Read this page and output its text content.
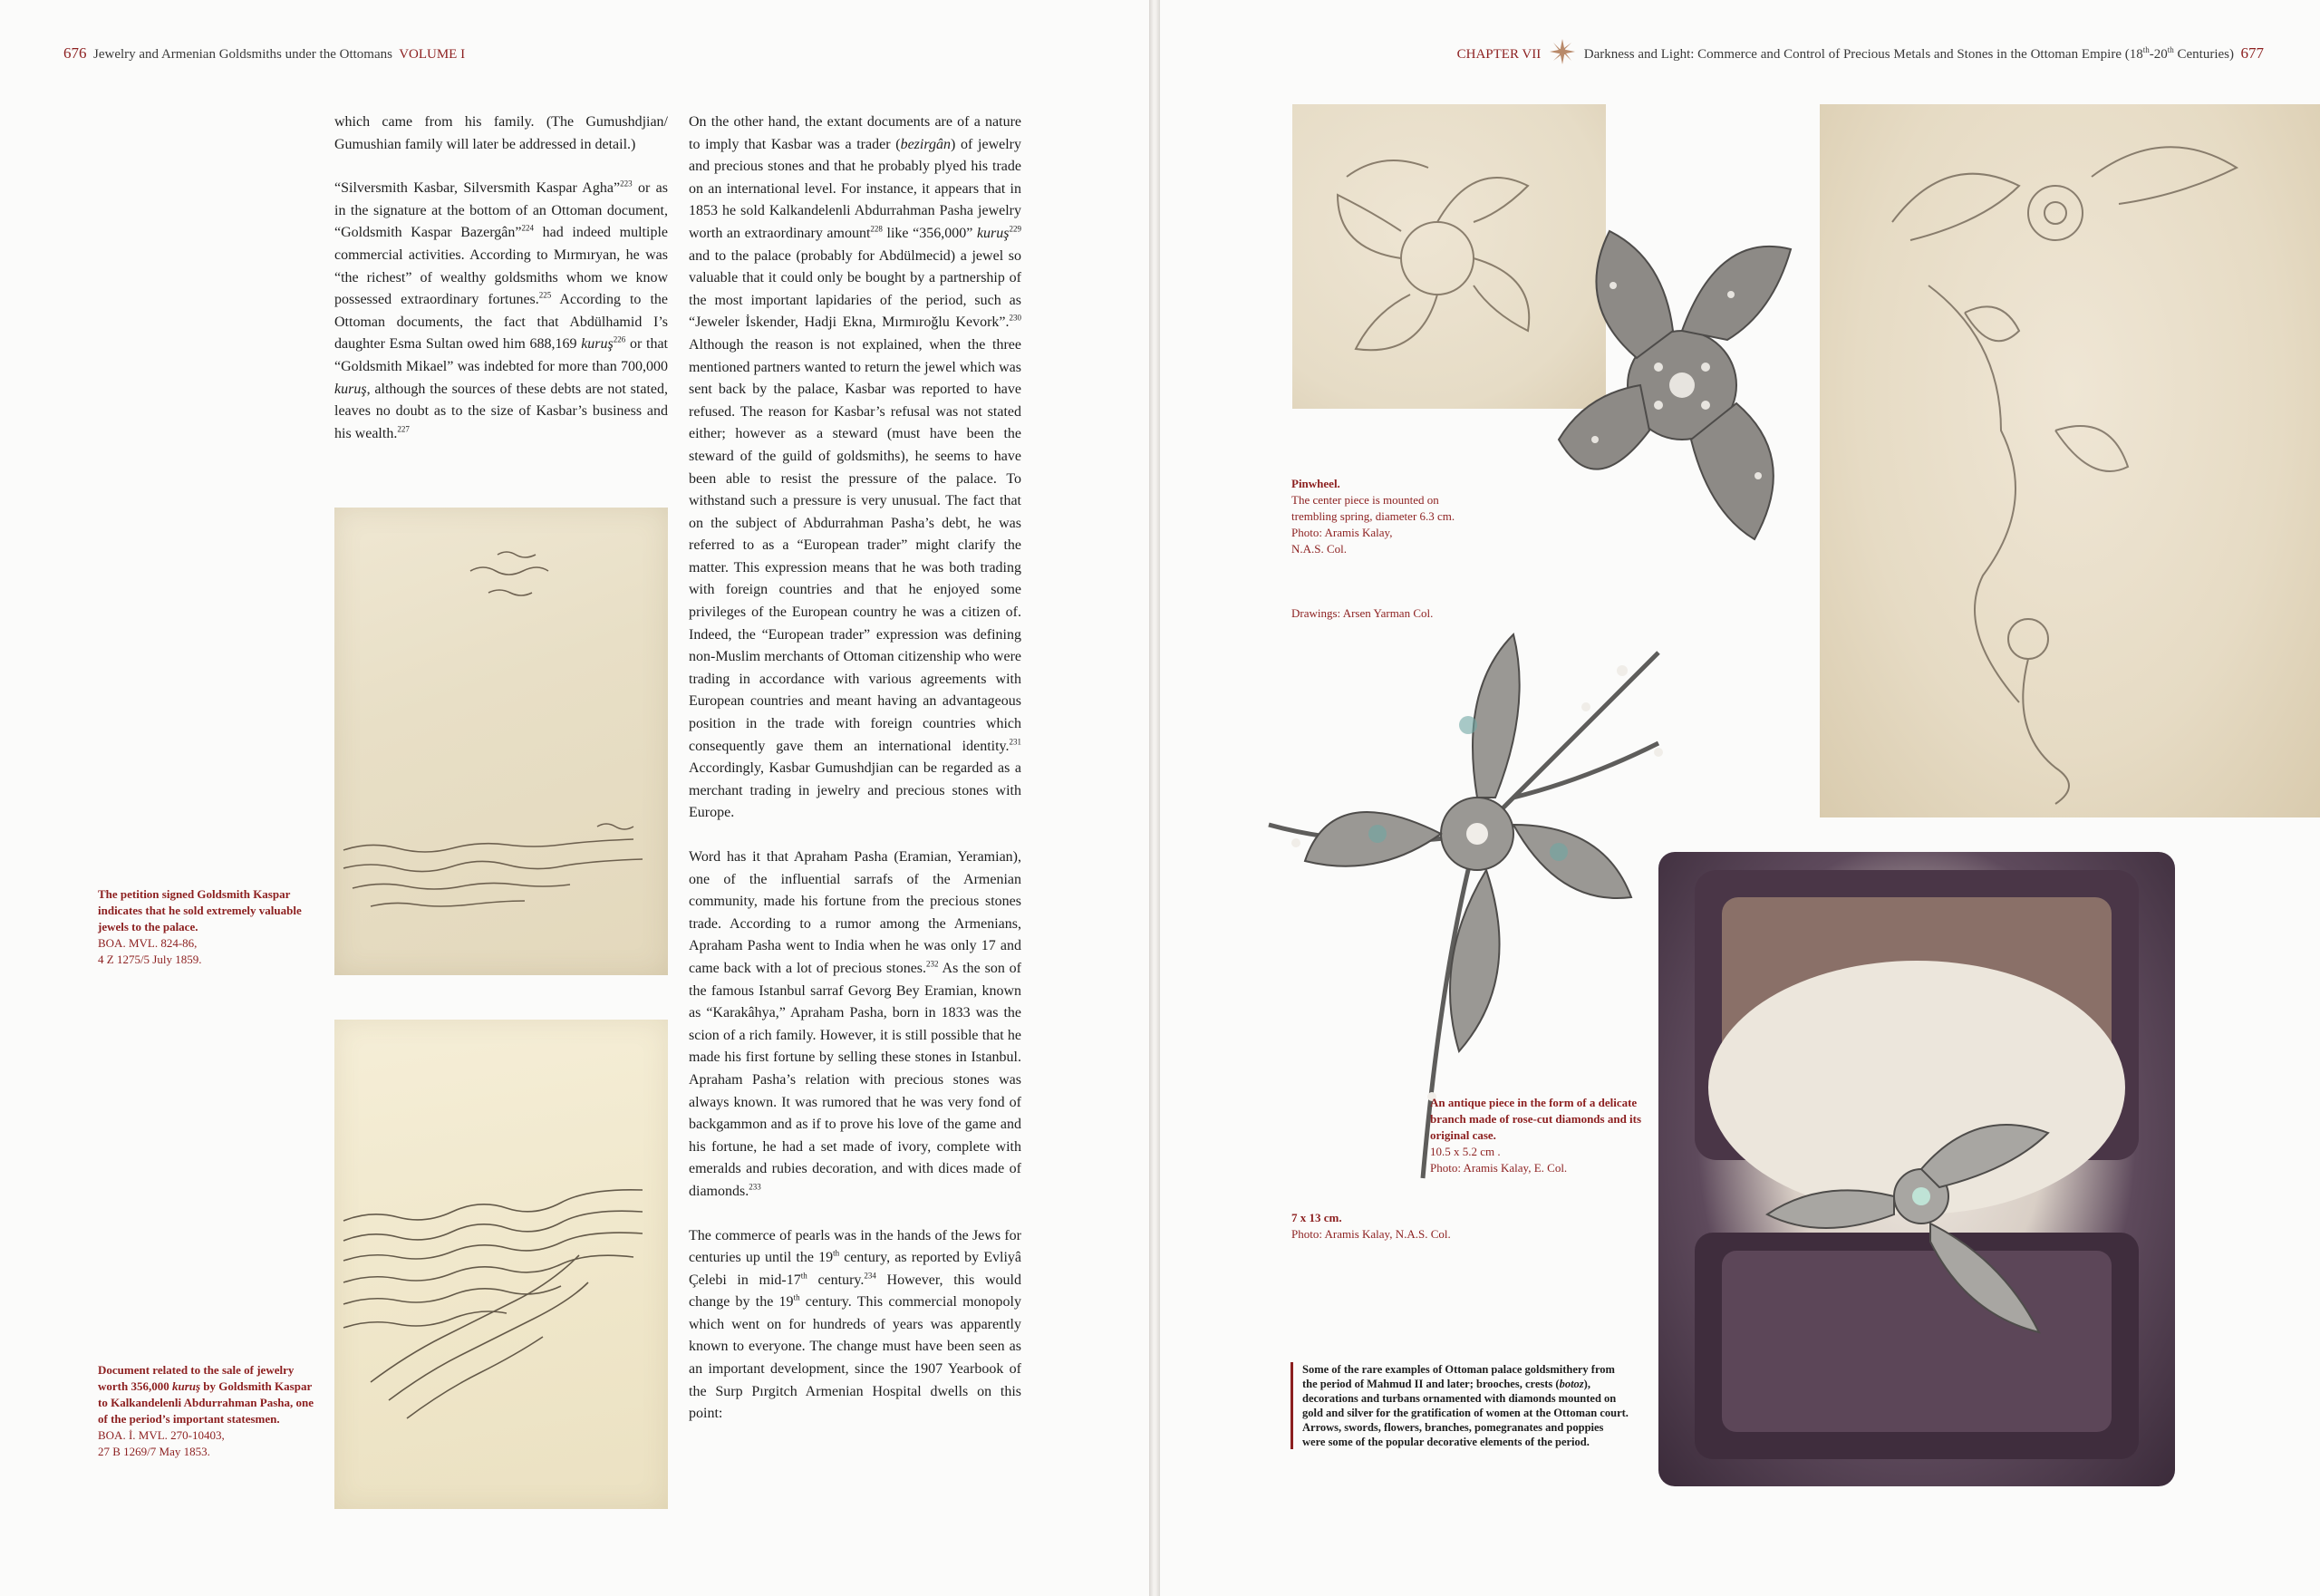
676 Jewelry and Armenian Goldsmiths under the Ottomans VOLUME I

which came from his family. (The Gumushdjian/ Gumushian family will later be addressed in detail.)

“Silversmith Kasbar, Silversmith Kaspar Agha”$^{223}$ or as in the signature at the bottom of an Ottoman document, “Goldsmith Kaspar Bazergân”$^{224}$ had indeed multiple commercial activities. According to Mırmıryan, he was “the richest” of wealthy goldsmiths whom we know possessed extraordinary fortunes.$^{225}$ According to the Ottoman documents, the fact that Abdülhamid I’s daughter Esma Sultan owed him 688,169 kuruş$^{226}$ or that “Goldsmith Mikael” was indebted for more than 700,000 kuruş, although the sources of these debts are not stated, leaves no doubt as to the size of Kasbar’s business and his wealth.$^{227}$

The petition signed Goldsmith Kaspar indicates that he sold extremely valuable jewels to the palace.
BOA. MVL. 824-86,
4 Z 1275/5 July 1859.
Document related to the sale of jewelry worth 356,000 kuruş by Goldsmith Kaspar to Kalkandelenli Abdurrahman Pasha, one of the period’s important statesmen.
BOA. İ. MVL. 270-10403,
27 B 1269/7 May 1853.

On the other hand, the extant documents are of a nature to imply that Kasbar was a trader (bezirgân) of jewelry and precious stones and that he probably plyed his trade on an international level. For instance, it appears that in 1853 he sold Kalkandelenli Abdurrahman Pasha jewelry worth an extraordinary amount$^{228}$ like “356,000” kuruş$^{229}$ and to the palace (probably for Abdülmecid) a jewel so valuable that it could only be bought by a partnership of the most important lapidaries of the period, such as “Jeweler İskender, Hadji Ekna, Mırmıroğlu Kevork”.$^{230}$ Although the reason is not explained, when the three mentioned partners wanted to return the jewel which was sent back by the palace, Kasbar was reported to have refused. The reason for Kasbar’s refusal was not stated either; however as a steward (must have been the steward of the guild of goldsmiths), he seems to have been able to resist the pressure of the palace. To withstand such a pressure is very unusual. The fact that on the subject of Abdurrahman Pasha’s debt, he was referred to as a “European trader” might clarify the matter. This expression means that he was both trading with foreign countries and that he enjoyed some privileges of the European country he was a citizen of. Indeed, the “European trader” expression was defining non-Muslim merchants of Ottoman citizenship who were trading in accordance with various agreements with European countries and meant having an advantageous position in the trade with foreign countries which consequently gave them an international identity.$^{231}$ Accordingly, Kasbar Gumushdjian can be regarded as a merchant trading in jewelry and precious stones with Europe.

Word has it that Apraham Pasha (Eramian, Yeramian), one of the influential sarrafs of the Armenian community, made his fortune from the precious stones trade. According to a rumor among the Armenians, Apraham Pasha went to India when he was only 17 and came back with a lot of precious stones.$^{232}$ As the son of the famous Istanbul sarraf Gevorg Bey Eramian, known as “Karakâhya,” Apraham Pasha, born in 1833 was the scion of a rich family. However, it is still possible that he made his first fortune by selling these stones in Istanbul. Apraham Pasha’s relation with precious stones was always known. It was rumored that he was very fond of backgammon and as if to prove his love of the game and his fortune, he had a set made of ivory, complete with emeralds and rubies decoration, and with dices made of diamonds.$^{233}$

The commerce of pearls was in the hands of the Jews for centuries up until the 19th century, as reported by Evliyâ Çelebi in mid-17th century.$^{234}$ However, this would change by the 19th century. This commercial monopoly which went on for hundreds of years was apparently known to everyone. The change must have been seen as an important development, since the 1907 Yearbook of the Surp Pırgitch Armenian Hospital dwells on this point:

CHAPTER VII	Darkness and Light: Commerce and Control of Precious Metals and Stones in the Ottoman Empire (18th-20th Centuries) 677
Pinwheel.
The center piece is mounted on
trembling spring, diameter 6.3 cm.
Photo: Aramis Kalay,
N.A.S. Col.
Drawings: Arsen Yarman Col.
7 x 13 cm.
Photo: Aramis Kalay, N.A.S. Col.
An antique piece in the form of a delicate branch made of rose-cut diamonds and its original case.
10.5 x 5.2 cm .
Photo: Aramis Kalay, E. Col.
Some of the rare examples of Ottoman palace goldsmithery from the period of Mahmud II and later; brooches, crests (botoz), decorations and turbans ornamented with diamonds mounted on gold and silver for the gratification of women at the Ottoman court. Arrows, swords, flowers, branches, pomegranates and poppies were some of the popular decorative elements of the period.
